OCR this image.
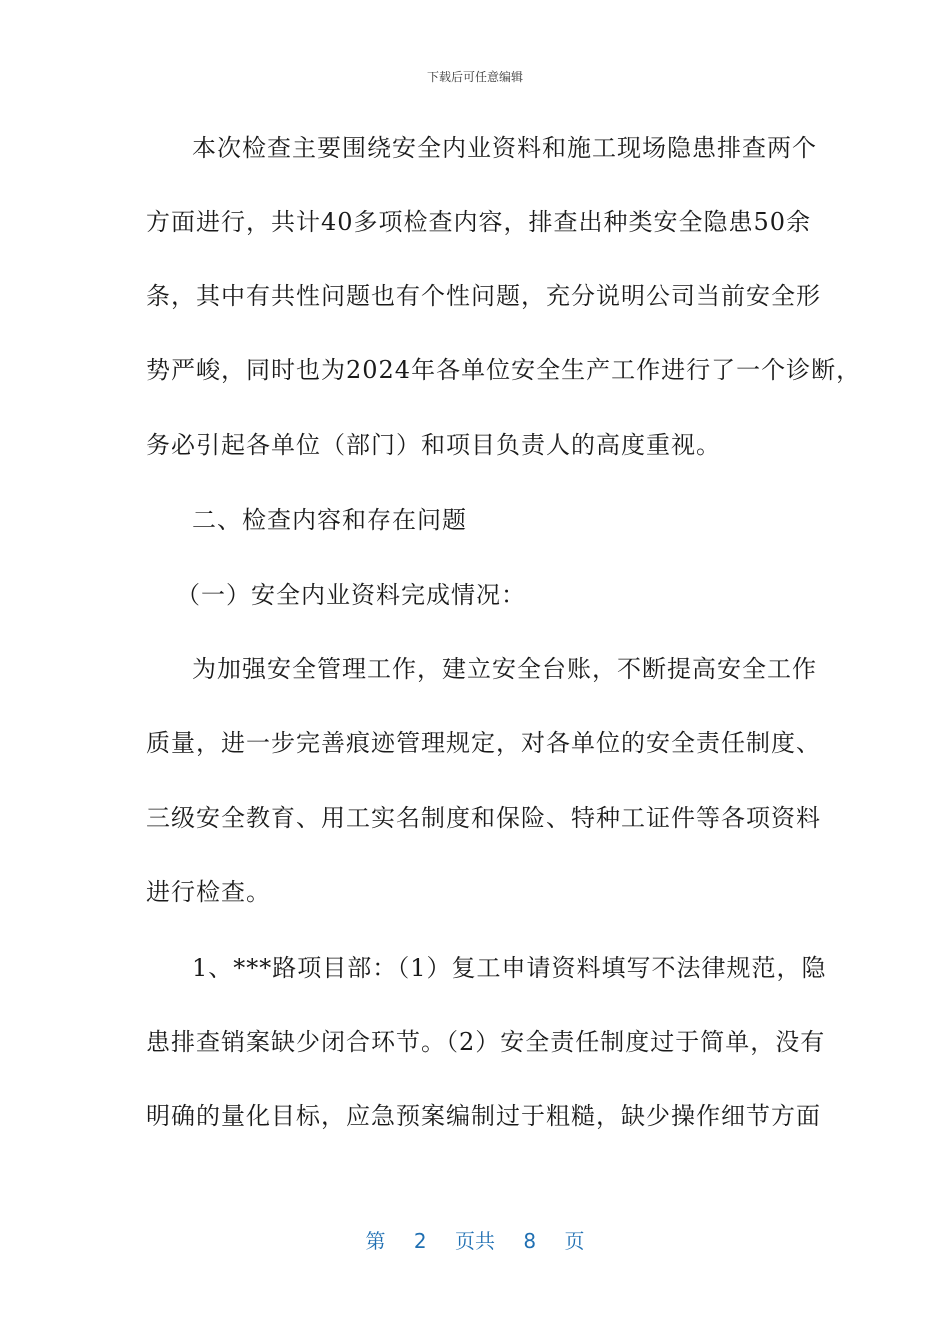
下载后可任意编辑
本次检查主要围绕安全内业资料和施工现场隐患排查两个
方面进行，共计40多项检查内容，排查出种类安全隐患50余
条，其中有共性问题也有个性问题，充分说明公司当前安全形
势严峻，同时也为2024年各单位安全生产工作进行了一个诊断，
务必引起各单位（部门）和项目负责人的高度重视。
二、检查内容和存在问题
（一）安全内业资料完成情况：
为加强安全管理工作，建立安全台账，不断提高安全工作
质量，进一步完善痕迹管理规定，对各单位的安全责任制度、
三级安全教育、用工实名制度和保险、特种工证件等各项资料
进行检查。
1、***路项目部：（1）复工申请资料填写不法律规范，隐
患排查销案缺少闭合环节。（2）安全责任制度过于简单，没有
明确的量化目标，应急预案编制过于粗糙，缺少操作细节方面
第 2 页共 8 页
